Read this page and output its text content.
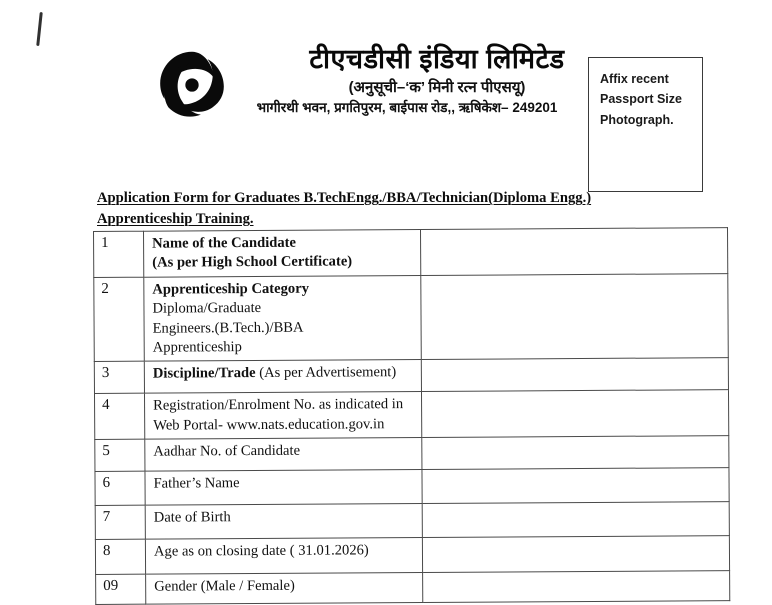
टीएचडीसी इंडिया लिमिटेड
(अनुसूची–‘क’ मिनी रत्न पीएसयू)
भागीरथी भवन, प्रगतिपुरम, बाईपास रोड,, ऋषिकेश– 249201
Affix recent
Passport Size
Photograph.
Application Form for Graduates B.TechEngg./BBA/Technician(Diploma Engg.)
Apprenticeship Training.
1	Name of the Candidate
(As per High School Certificate)	

2	Apprenticeship Category
Diploma/Graduate
Engineers.(B.Tech.)/BBA
Apprenticeship	

3	Discipline/Trade (As per Advertisement)	

4	Registration/Enrolment No. as indicated in
Web Portal- www.nats.education.gov.in	

5	Aadhar No. of Candidate	

6	Father’s Name	

7	Date of Birth	

8	Age as on closing date ( 31.01.2026)	

09	Gender (Male / Female)	
